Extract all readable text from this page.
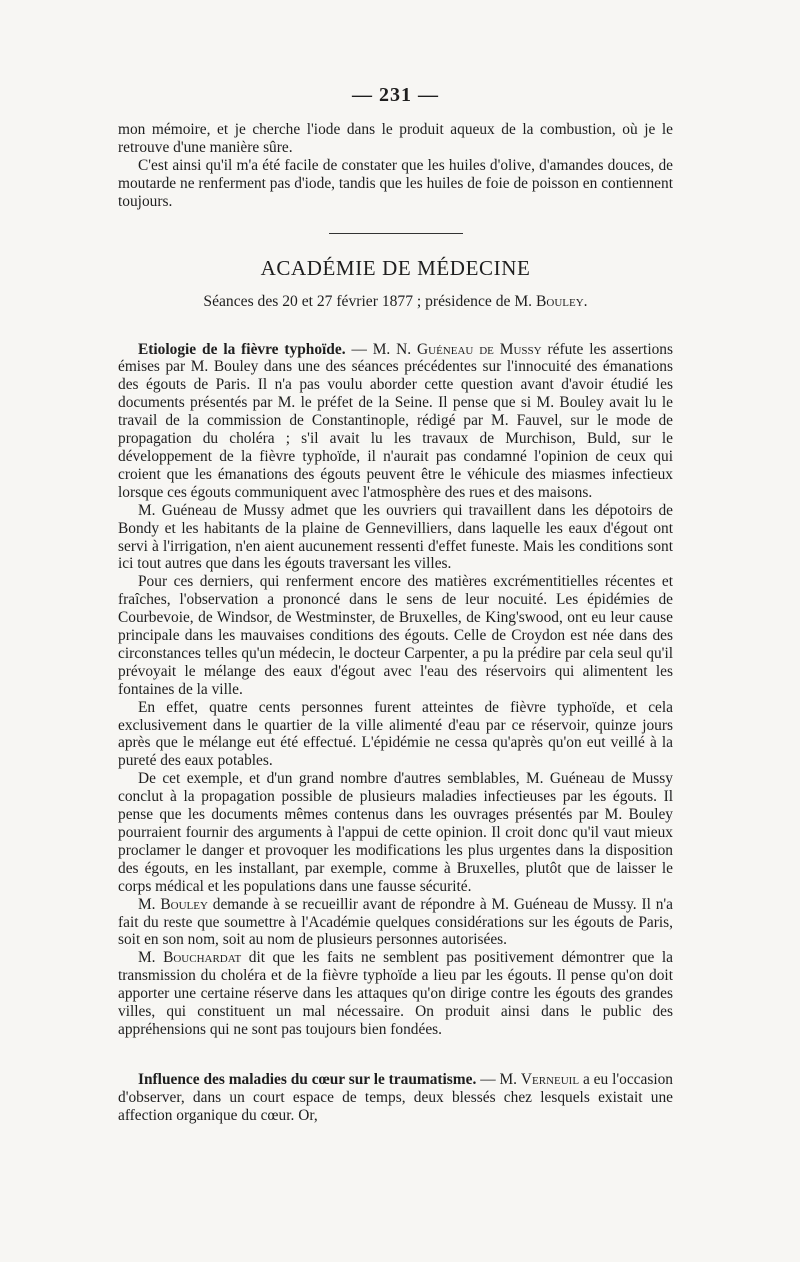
— 231 —

mon mémoire, et je cherche l'iode dans le produit aqueux de la combustion, où je le retrouve d'une manière sûre.

C'est ainsi qu'il m'a été facile de constater que les huiles d'olive, d'amandes douces, de moutarde ne renferment pas d'iode, tandis que les huiles de foie de poisson en contiennent toujours.

ACADÉMIE DE MÉDECINE
Séances des 20 et 27 février 1877 ; présidence de M. Bouley.

Etiologie de la fièvre typhoïde. — M. N. Guéneau de Mussy réfute les assertions émises par M. Bouley dans une des séances précédentes sur l'innocuité des émanations des égouts de Paris. Il n'a pas voulu aborder cette question avant d'avoir étudié les documents présentés par M. le préfet de la Seine. Il pense que si M. Bouley avait lu le travail de la commission de Constantinople, rédigé par M. Fauvel, sur le mode de propagation du choléra ; s'il avait lu les travaux de Murchison, Buld, sur le développement de la fièvre typhoïde, il n'aurait pas condamné l'opinion de ceux qui croient que les émanations des égouts peuvent être le véhicule des miasmes infectieux lorsque ces égouts communiquent avec l'atmosphère des rues et des maisons.

M. Guéneau de Mussy admet que les ouvriers qui travaillent dans les dépotoirs de Bondy et les habitants de la plaine de Gennevilliers, dans laquelle les eaux d'égout ont servi à l'irrigation, n'en aient aucunement ressenti d'effet funeste. Mais les conditions sont ici tout autres que dans les égouts traversant les villes.

Pour ces derniers, qui renferment encore des matières excrémentitielles récentes et fraîches, l'observation a prononcé dans le sens de leur nocuité. Les épidémies de Courbevoie, de Windsor, de Westminster, de Bruxelles, de King'swood, ont eu leur cause principale dans les mauvaises conditions des égouts. Celle de Croydon est née dans des circonstances telles qu'un médecin, le docteur Carpenter, a pu la prédire par cela seul qu'il prévoyait le mélange des eaux d'égout avec l'eau des réservoirs qui alimentent les fontaines de la ville.

En effet, quatre cents personnes furent atteintes de fièvre typhoïde, et cela exclusivement dans le quartier de la ville alimenté d'eau par ce réservoir, quinze jours après que le mélange eut été effectué. L'épidémie ne cessa qu'après qu'on eut veillé à la pureté des eaux potables.

De cet exemple, et d'un grand nombre d'autres semblables, M. Guéneau de Mussy conclut à la propagation possible de plusieurs maladies infectieuses par les égouts. Il pense que les documents mêmes contenus dans les ouvrages présentés par M. Bouley pourraient fournir des arguments à l'appui de cette opinion. Il croit donc qu'il vaut mieux proclamer le danger et provoquer les modifications les plus urgentes dans la disposition des égouts, en les installant, par exemple, comme à Bruxelles, plutôt que de laisser le corps médical et les populations dans une fausse sécurité.

M. Bouley demande à se recueillir avant de répondre à M. Guéneau de Mussy. Il n'a fait du reste que soumettre à l'Académie quelques considérations sur les égouts de Paris, soit en son nom, soit au nom de plusieurs personnes autorisées.

M. Bouchardat dit que les faits ne semblent pas positivement démontrer que la transmission du choléra et de la fièvre typhoïde a lieu par les égouts. Il pense qu'on doit apporter une certaine réserve dans les attaques qu'on dirige contre les égouts des grandes villes, qui constituent un mal nécessaire. On produit ainsi dans le public des appréhensions qui ne sont pas toujours bien fondées.

Influence des maladies du cœur sur le traumatisme. — M. Verneuil a eu l'occasion d'observer, dans un court espace de temps, deux blessés chez lesquels existait une affection organique du cœur. Or,
